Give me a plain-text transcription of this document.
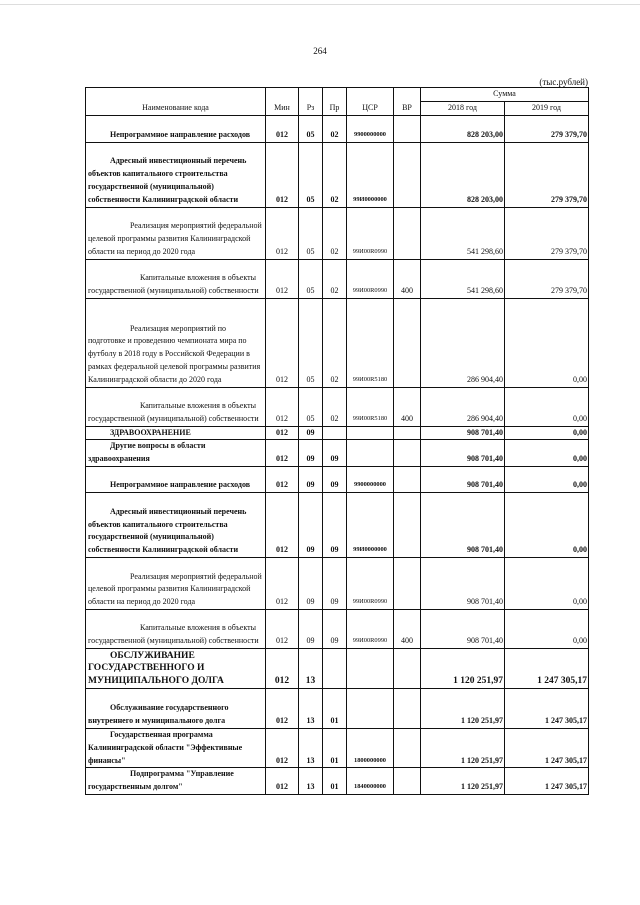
264
(тыс.рублей)
Наименование кода	Мин	Рз	Пр	ЦСР	ВР	Сумма	
						2018 год	2019 год
Непрограммное направление расходов	012	05	02	9900000000		828 203,00	279 379,70
Адресный инвестиционный перечень объектов капитального строительства государственной (муниципальной) собственности Калининградской области	012	05	02	99И0000000		828 203,00	279 379,70
Реализация мероприятий федеральной целевой программы развития Калининградской области на период до 2020 года	012	05	02	99И00R0990		541 298,60	279 379,70
Капитальные вложения в объекты государственной (муниципальной) собственности	012	05	02	99И00R0990	400	541 298,60	279 379,70
Реализация мероприятий по подготовке и проведению чемпионата мира по футболу в 2018 году в Российской Федерации в рамках федеральной целевой программы развития Калининградской области до 2020 года	012	05	02	99И00R5180		286 904,40	0,00
Капитальные вложения в объекты государственной (муниципальной) собственности	012	05	02	99И00R5180	400	286 904,40	0,00
ЗДРАВООХРАНЕНИЕ	012	09				908 701,40	0,00
Другие вопросы в области здравоохранения	012	09	09			908 701,40	0,00
Непрограммное направление расходов	012	09	09	9900000000		908 701,40	0,00
Адресный инвестиционный перечень объектов капитального строительства государственной (муниципальной) собственности Калининградской области	012	09	09	99И0000000		908 701,40	0,00
Реализация мероприятий федеральной целевой программы развития Калининградской области на период до 2020 года	012	09	09	99И00R0990		908 701,40	0,00
Капитальные вложения в объекты государственной (муниципальной) собственности	012	09	09	99И00R0990	400	908 701,40	0,00
ОБСЛУЖИВАНИЕ ГОСУДАРСТВЕННОГО И МУНИЦИПАЛЬНОГО ДОЛГА	012	13				1 120 251,97	1 247 305,17
Обслуживание государственного внутреннего и муниципального долга	012	13	01			1 120 251,97	1 247 305,17
Государственная программа Калининградской области "Эффективные финансы"	012	13	01	1800000000		1 120 251,97	1 247 305,17
Подпрограмма "Управление государственным долгом"	012	13	01	1840000000		1 120 251,97	1 247 305,17
